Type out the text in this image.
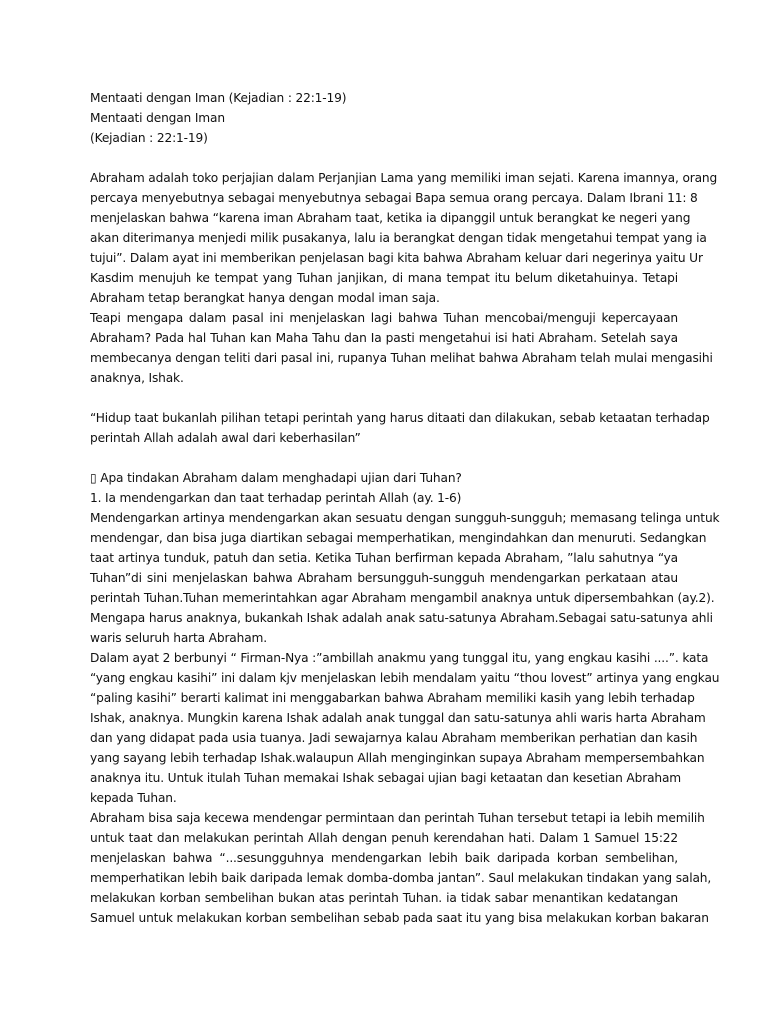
Mentaati dengan Iman (Kejadian : 22:1-19)
Mentaati dengan Iman
(Kejadian : 22:1-19)
Abraham adalah toko perjajian dalam Perjanjian Lama yang memiliki iman sejati. Karena imannya, orang
percaya menyebutnya sebagai menyebutnya sebagai Bapa semua orang percaya. Dalam Ibrani 11: 8
menjelaskan bahwa “karena iman Abraham taat, ketika ia dipanggil untuk berangkat ke negeri yang
akan diterimanya menjedi milik pusakanya, lalu ia berangkat dengan tidak mengetahui tempat yang ia
tujui”. Dalam ayat ini memberikan penjelasan bagi kita bahwa Abraham keluar dari negerinya yaitu Ur
Kasdim menujuh ke tempat yang Tuhan janjikan, di mana tempat itu belum diketahuinya. Tetapi
Abraham tetap berangkat hanya dengan modal iman saja.
Teapi mengapa dalam pasal ini menjelaskan lagi bahwa Tuhan mencobai/menguji kepercayaan
Abraham? Pada hal Tuhan kan Maha Tahu dan Ia pasti mengetahui isi hati Abraham. Setelah saya
membecanya dengan teliti dari pasal ini, rupanya Tuhan melihat bahwa Abraham telah mulai mengasihi
anaknya, Ishak.
“Hidup taat bukanlah pilihan tetapi perintah yang harus ditaati dan dilakukan, sebab ketaatan terhadap
perintah Allah adalah awal dari keberhasilan”
▯ Apa tindakan Abraham dalam menghadapi ujian dari Tuhan?
1. Ia mendengarkan dan taat terhadap perintah Allah (ay. 1-6)
Mendengarkan artinya mendengarkan akan sesuatu dengan sungguh-sungguh; memasang telinga untuk
mendengar, dan bisa juga diartikan sebagai memperhatikan, mengindahkan dan menuruti. Sedangkan
taat artinya tunduk, patuh dan setia. Ketika Tuhan berfirman kepada Abraham, ”lalu sahutnya “ya
Tuhan”di sini menjelaskan bahwa Abraham bersungguh-sungguh mendengarkan perkataan atau
perintah Tuhan.Tuhan memerintahkan agar Abraham mengambil anaknya untuk dipersembahkan (ay.2).
Mengapa harus anaknya, bukankah Ishak adalah anak satu-satunya Abraham.Sebagai satu-satunya ahli
waris seluruh harta Abraham.
Dalam ayat 2 berbunyi “ Firman-Nya :”ambillah anakmu yang tunggal itu, yang engkau kasihi ....”. kata
“yang engkau kasihi” ini dalam kjv menjelaskan lebih mendalam yaitu “thou lovest” artinya yang engkau
“paling kasihi” berarti kalimat ini menggabarkan bahwa Abraham memiliki kasih yang lebih terhadap
Ishak, anaknya. Mungkin karena Ishak adalah anak tunggal dan satu-satunya ahli waris harta Abraham
dan yang didapat pada usia tuanya. Jadi sewajarnya kalau Abraham memberikan perhatian dan kasih
yang sayang lebih terhadap Ishak.walaupun Allah menginginkan supaya Abraham mempersembahkan
anaknya itu. Untuk itulah Tuhan memakai Ishak sebagai ujian bagi ketaatan dan kesetian Abraham
kepada Tuhan.
Abraham bisa saja kecewa mendengar permintaan dan perintah Tuhan tersebut tetapi ia lebih memilih
untuk taat dan melakukan perintah Allah dengan penuh kerendahan hati. Dalam 1 Samuel 15:22
menjelaskan bahwa “...sesungguhnya mendengarkan lebih baik daripada korban sembelihan,
memperhatikan lebih baik daripada lemak domba-domba jantan”. Saul melakukan tindakan yang salah,
melakukan korban sembelihan bukan atas perintah Tuhan. ia tidak sabar menantikan kedatangan
Samuel untuk melakukan korban sembelihan sebab pada saat itu yang bisa melakukan korban bakaran
